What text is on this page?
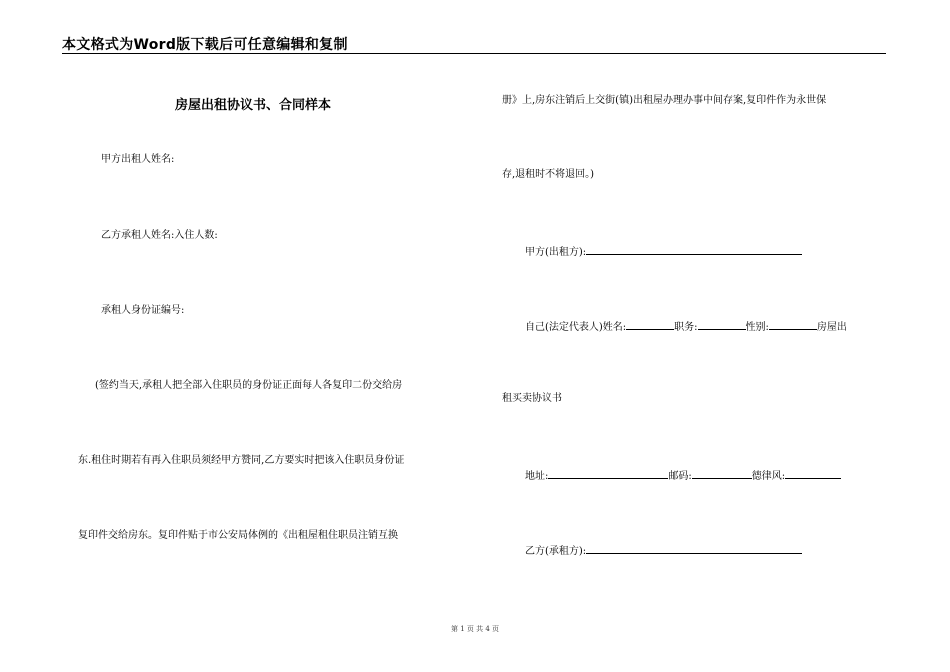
本文格式为Word版下载后可任意编辑和复制
房屋出租协议书、合同样本
甲方出租人姓名:
乙方承租人姓名:入住人数:
承租人身份证编号:
(签约当天,承租人把全部入住职员的身份证正面每人各复印二份交给房
东.租住时期若有再入住职员须经甲方赞同,乙方要实时把该入住职员身份证
复印件交给房东。复印件贴于市公安局体例的《出租屋租住职员注销互换
册》上,房东注销后上交街(镇)出租屋办理办事中间存案,复印件作为永世保
存,退租时不将退回。)
甲方(出租方):
自己(法定代表人)姓名:	职务:	性别:	房屋出
租买卖协议书
地址:	邮码:	德律风:
乙方(承租方):
第 1 页 共 4 页
